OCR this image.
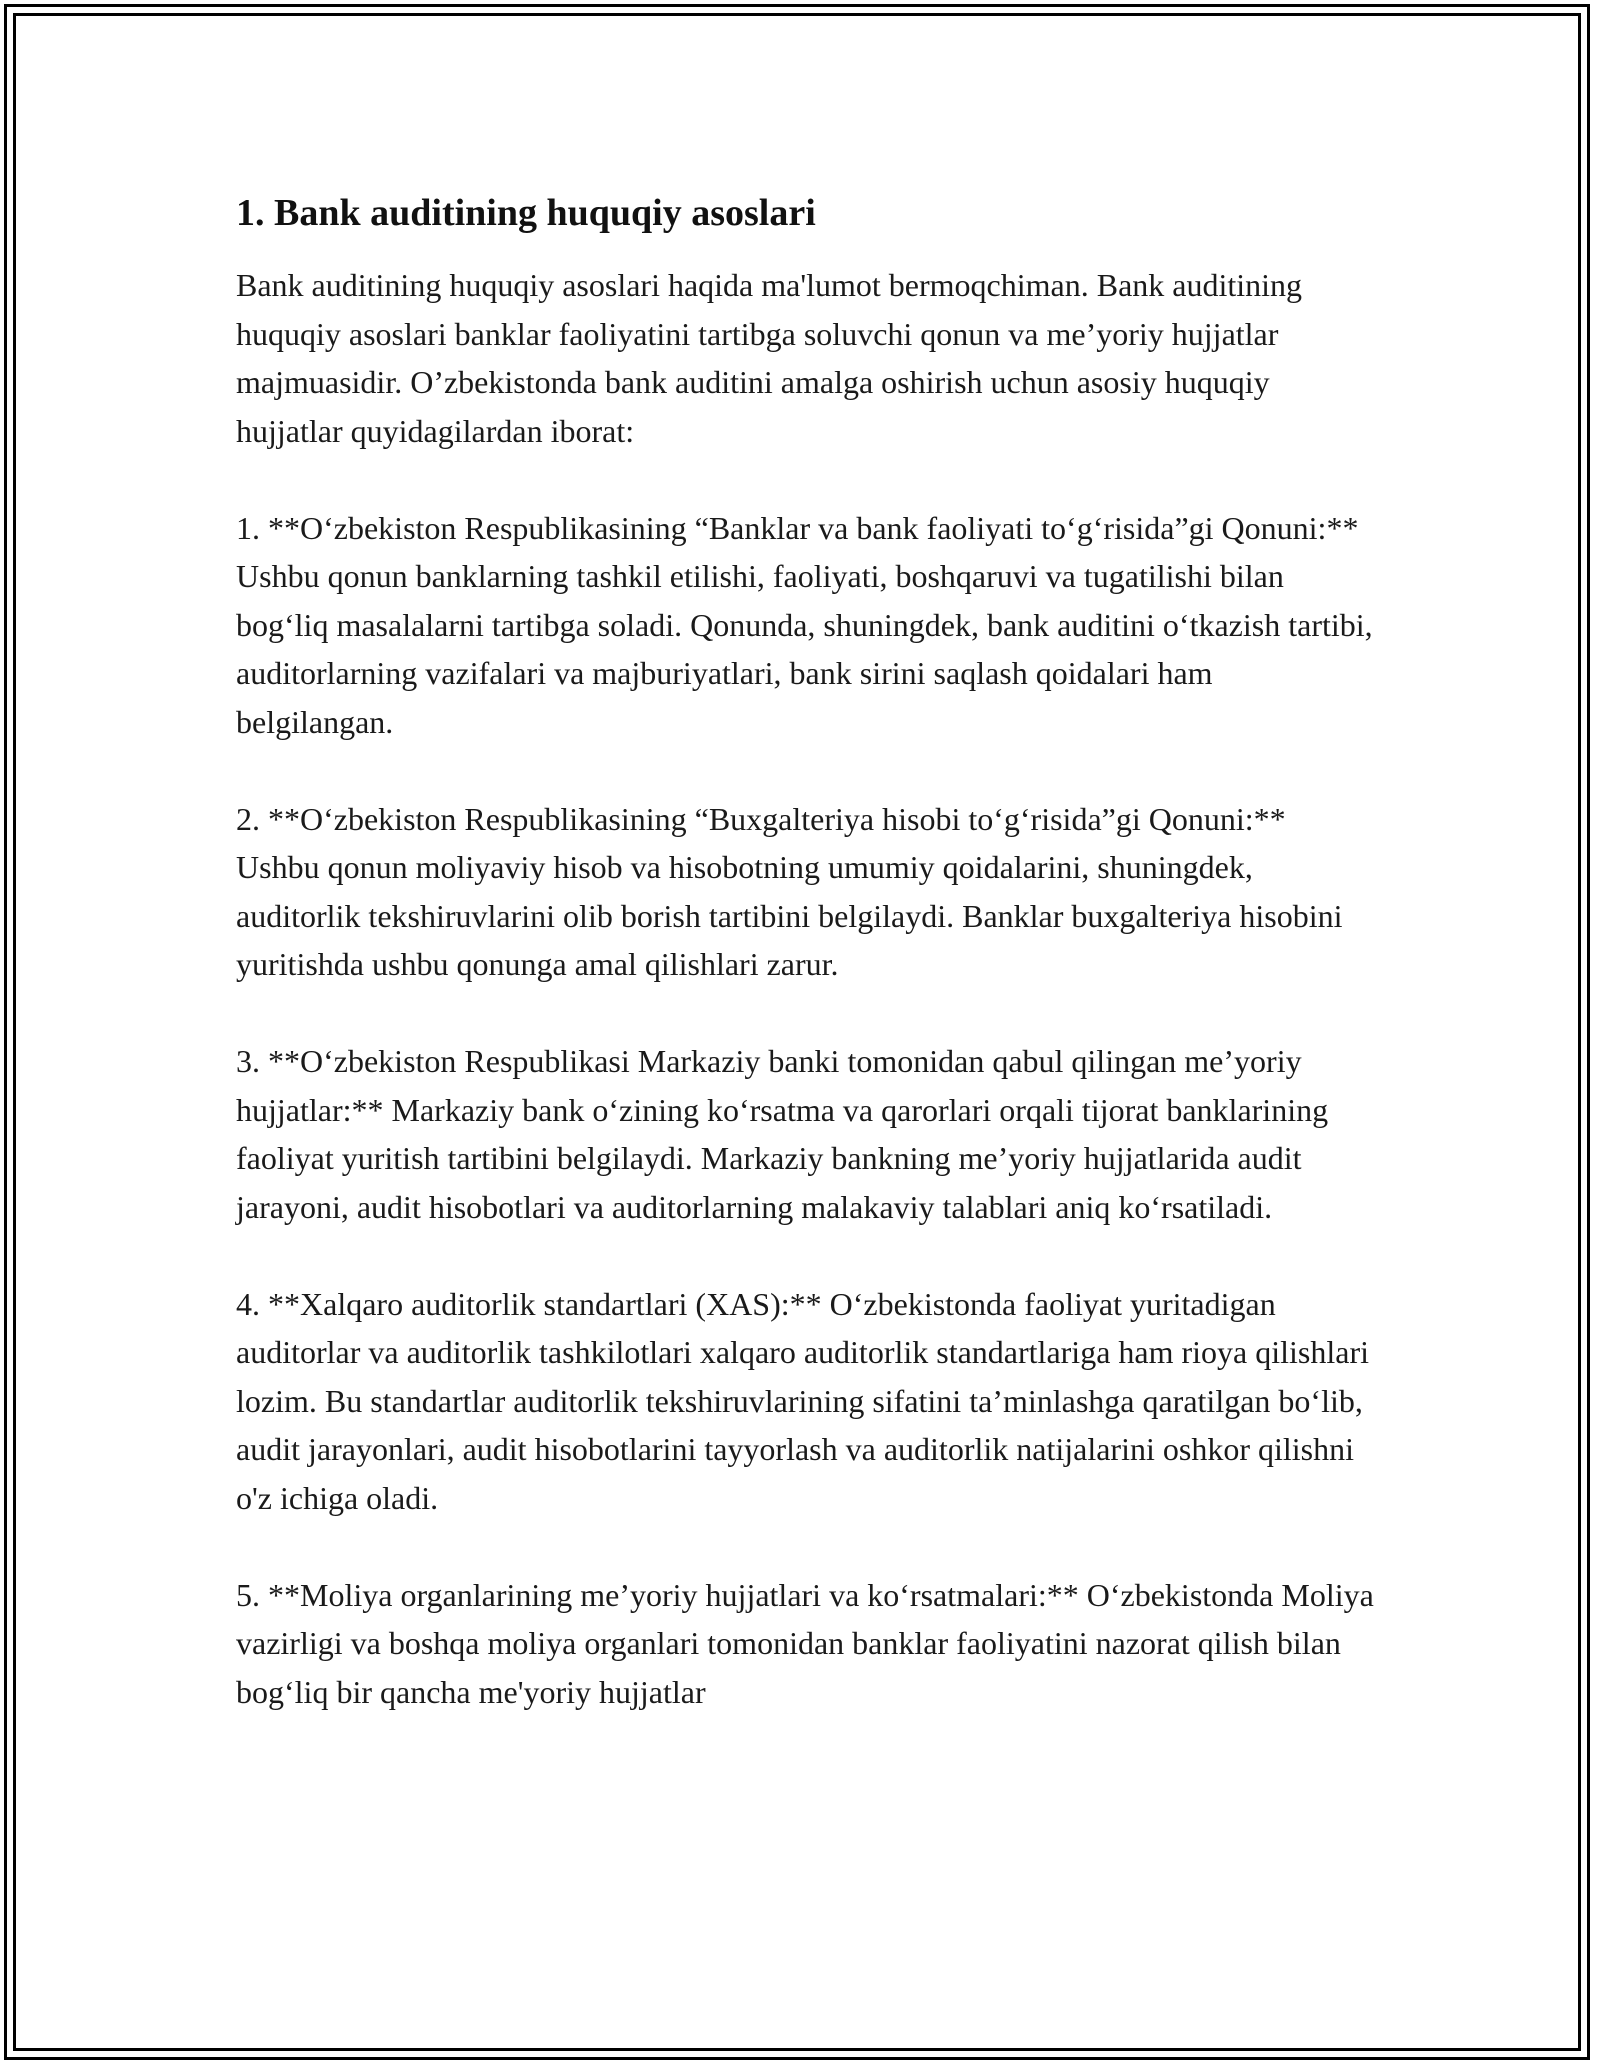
1. Bank auditining huquqiy asoslari

Bank auditining huquqiy asoslari haqida ma'lumot bermoqchiman. Bank auditining huquqiy asoslari banklar faoliyatini tartibga soluvchi qonun va me’yoriy hujjatlar majmuasidir. O’zbekistonda bank auditini amalga oshirish uchun asosiy huquqiy hujjatlar quyidagilardan iborat:

1. **O‘zbekiston Respublikasining “Banklar va bank faoliyati to‘g‘risida”gi Qonuni:** Ushbu qonun banklarning tashkil etilishi, faoliyati, boshqaruvi va tugatilishi bilan bog‘liq masalalarni tartibga soladi. Qonunda, shuningdek, bank auditini o‘tkazish tartibi, auditorlarning vazifalari va majburiyatlari, bank sirini saqlash qoidalari ham belgilangan.

2. **O‘zbekiston Respublikasining “Buxgalteriya hisobi to‘g‘risida”gi Qonuni:** Ushbu qonun moliyaviy hisob va hisobotning umumiy qoidalarini, shuningdek, auditorlik tekshiruvlarini olib borish tartibini belgilaydi. Banklar buxgalteriya hisobini yuritishda ushbu qonunga amal qilishlari zarur.

3. **O‘zbekiston Respublikasi Markaziy banki tomonidan qabul qilingan me’yoriy hujjatlar:** Markaziy bank o‘zining ko‘rsatma va qarorlari orqali tijorat banklarining faoliyat yuritish tartibini belgilaydi. Markaziy bankning me’yoriy hujjatlarida audit jarayoni, audit hisobotlari va auditorlarning malakaviy talablari aniq ko‘rsatiladi.

4. **Xalqaro auditorlik standartlari (XAS):** O‘zbekistonda faoliyat yuritadigan auditorlar va auditorlik tashkilotlari xalqaro auditorlik standartlariga ham rioya qilishlari lozim. Bu standartlar auditorlik tekshiruvlarining sifatini ta’minlashga qaratilgan bo‘lib, audit jarayonlari, audit hisobotlarini tayyorlash va auditorlik natijalarini oshkor qilishni o'z ichiga oladi.

5. **Moliya organlarining me’yoriy hujjatlari va ko‘rsatmalari:** O‘zbekistonda Moliya vazirligi va boshqa moliya organlari tomonidan banklar faoliyatini nazorat qilish bilan bog‘liq bir qancha me'yoriy hujjatlar
